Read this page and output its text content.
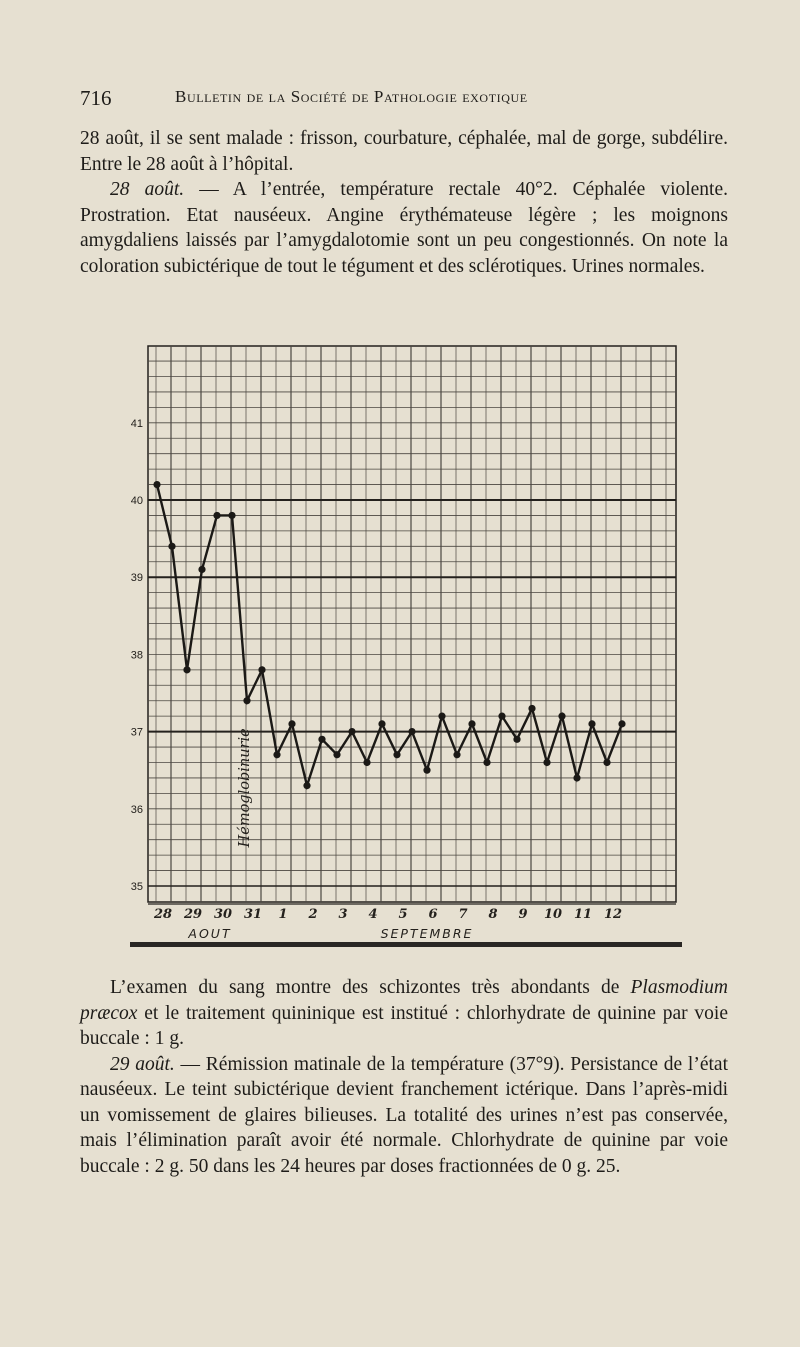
716	Bulletin de la Société de Pathologie exotique

28 août, il se sent malade : frisson, courbature, céphalée, mal de gorge, subdélire. Entre le 28 août à l’hôpital.

28 août. — A l’entrée, température rectale 40°2. Céphalée violente. Prostration. Etat nauséeux. Angine érythémateuse légère ; les moignons amygdaliens laissés par l’amygdalotomie sont un peu congestionnés. On note la coloration subictérique de tout le tégument et des sclérotiques. Urines normales.

41
40
39
38
37
36
35
28 29 30 31 1 2 3 4 5 6 7 8 9 10 11 12
AOUT	SEPTEMBRE
Hémoglobinurie

L’examen du sang montre des schizontes très abondants de Plasmodium præcox et le traitement quininique est institué : chlorhydrate de quinine par voie buccale : 1 g.

29 août. — Rémission matinale de la température (37°9). Persistance de l’état nauséeux. Le teint subictérique devient franchement ictérique. Dans l’après-midi un vomissement de glaires bilieuses. La totalité des urines n’est pas conservée, mais l’élimination paraît avoir été normale. Chlorhydrate de quinine par voie buccale : 2 g. 50 dans les 24 heures par doses fractionnées de 0 g. 25.
